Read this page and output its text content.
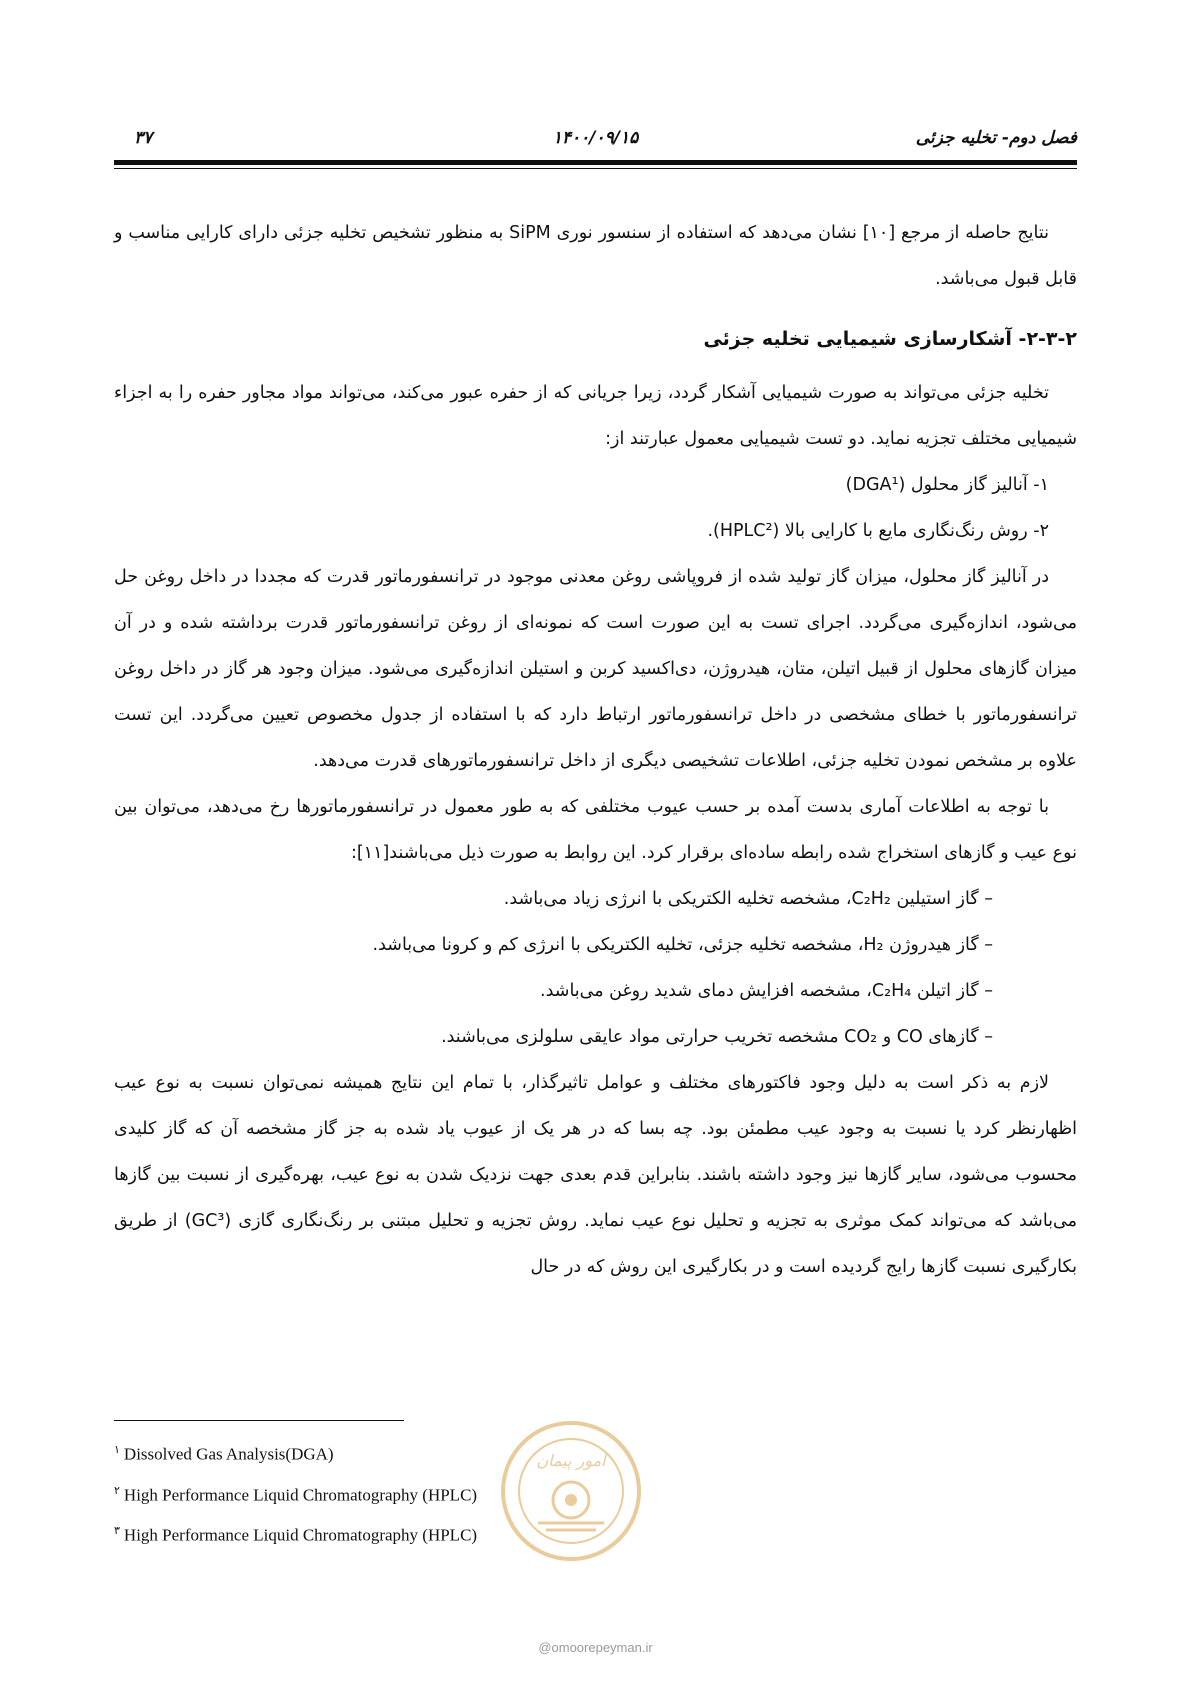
فصل دوم- تخلیه جزئی
۱۴۰۰/۰۹/۱۵
۳۷

نتایج حاصله از مرجع [۱۰] نشان می‌دهد که استفاده از سنسور نوری SiPM به منظور تشخیص تخلیه جزئی دارای کارایی مناسب و قابل قبول می‌باشد.

۲-۳-۲- آشکارسازی شیمیایی تخلیه جزئی

تخلیه جزئی می‌تواند به صورت شیمیایی آشکار گردد، زیرا جریانی که از حفره عبور می‌کند، می‌تواند مواد مجاور حفره را به اجزاء شیمیایی مختلف تجزیه نماید. دو تست شیمیایی معمول عبارتند از:

۱- آنالیز گاز محلول (DGA¹)

۲- روش رنگ‌نگاری مایع با کارایی بالا (HPLC²).

در آنالیز گاز محلول، میزان گاز تولید شده از فروپاشی روغن معدنی موجود در ترانسفورماتور قدرت که مجددا در داخل روغن حل می‌شود، اندازه‌گیری می‌گردد. اجرای تست به این صورت است که نمونه‌ای از روغن ترانسفورماتور قدرت برداشته شده و در آن میزان گازهای محلول از قبیل اتیلن، متان، هیدروژن، دی‌اکسید کربن و استیلن اندازه‌گیری می‌شود. میزان وجود هر گاز در داخل روغن ترانسفورماتور با خطای مشخصی در داخل ترانسفورماتور ارتباط دارد که با استفاده از جدول مخصوص تعیین می‌گردد. این تست علاوه بر مشخص نمودن تخلیه جزئی، اطلاعات تشخیصی دیگری از داخل ترانسفورماتورهای قدرت می‌دهد.

با توجه به اطلاعات آماری بدست آمده بر حسب عیوب مختلفی که به طور معمول در ترانسفورماتورها رخ می‌دهد، می‌توان بین نوع عیب و گازهای استخراج شده رابطه ساده‌ای برقرار کرد. این روابط به صورت ذیل می‌باشند[۱۱]:

– گاز استیلین C₂H₂، مشخصه تخلیه الکتریکی با انرژی زیاد می‌باشد.

– گاز هیدروژن H₂، مشخصه تخلیه جزئی، تخلیه الکتریکی با انرژی کم و کرونا می‌باشد.

– گاز اتیلن C₂H₄، مشخصه افزایش دمای شدید روغن می‌باشد.

– گازهای CO و CO₂ مشخصه تخریب حرارتی مواد عایقی سلولزی می‌باشند.

لازم به ذکر است به دلیل وجود فاکتورهای مختلف و عوامل تاثیرگذار، با تمام این نتایج همیشه نمی‌توان نسبت به نوع عیب اظهارنظر کرد یا نسبت به وجود عیب مطمئن بود. چه بسا که در هر یک از عیوب یاد شده به جز گاز مشخصه آن که گاز کلیدی محسوب می‌شود، سایر گازها نیز وجود داشته باشند. بنابراین قدم بعدی جهت نزدیک شدن به نوع عیب، بهره‌گیری از نسبت بین گازها می‌باشد که می‌تواند کمک موثری به تجزیه و تحلیل نوع عیب نماید. روش تجزیه و تحلیل مبتنی بر رنگ‌نگاری گازی (GC³) از طریق بکارگیری نسبت گازها رایج گردیده است و در بکارگیری این روش که در حال

$^۱$ Dissolved Gas Analysis(DGA)
$^۲$ High Performance Liquid Chromatography (HPLC)
$^۳$ High Performance Liquid Chromatography (HPLC)
امور پیمان
@omoorepeyman.ir
